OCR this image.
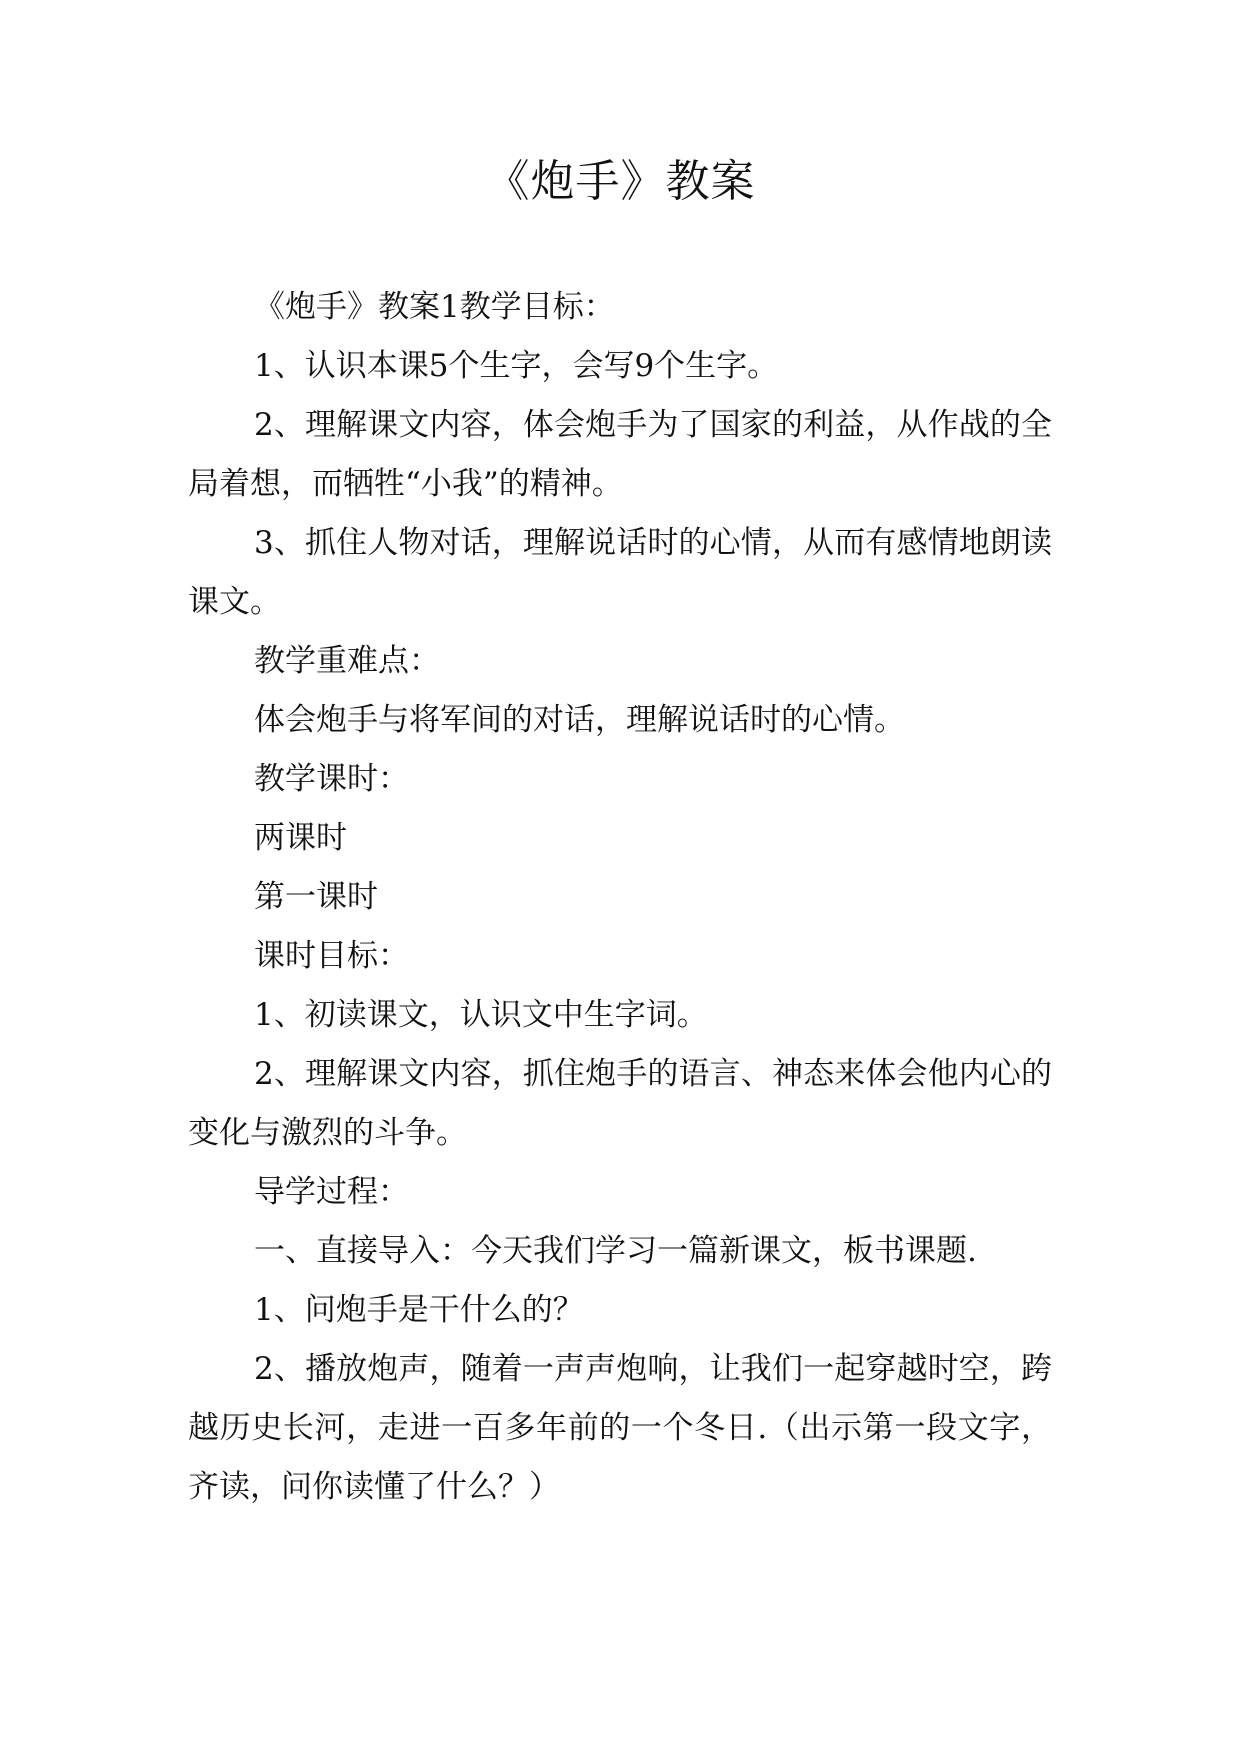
《炮手》教案

《炮手》教案1教学目标：

1、认识本课5个生字，会写9个生字。

2、理解课文内容，体会炮手为了国家的利益，从作战的全局着想，而牺牲“小我”的精神。

3、抓住人物对话，理解说话时的心情，从而有感情地朗读课文。

教学重难点：

体会炮手与将军间的对话，理解说话时的心情。

教学课时：

两课时

第一课时

课时目标：

1、初读课文，认识文中生字词。

2、理解课文内容，抓住炮手的语言、神态来体会他内心的变化与激烈的斗争。

导学过程：

一、直接导入：今天我们学习一篇新课文，板书课题.

1、问炮手是干什么的？

2、播放炮声，随着一声声炮响，让我们一起穿越时空，跨越历史长河，走进一百多年前的一个冬日.（出示第一段文字，齐读，问你读懂了什么？）
